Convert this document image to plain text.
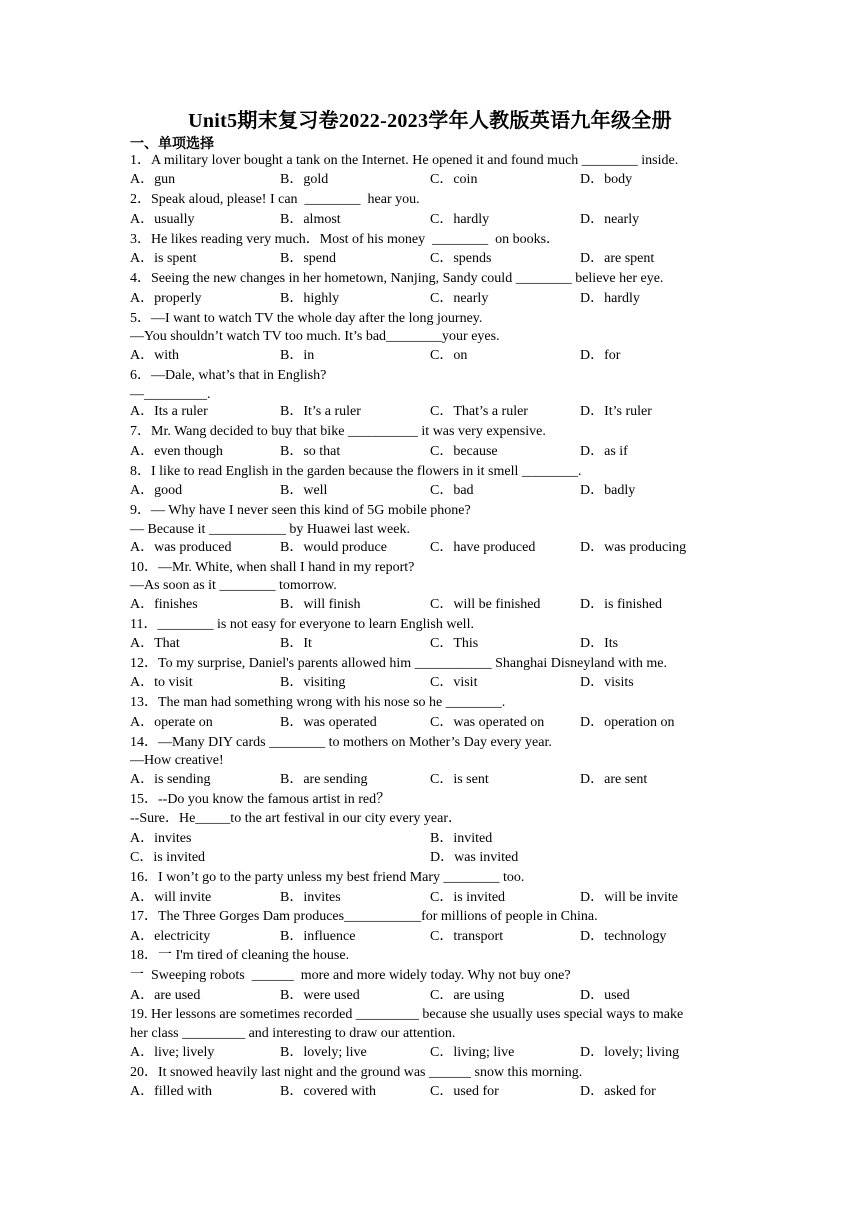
Unit5期末复习卷2022-2023学年人教版英语九年级全册
一、单项选择
1．A military lover bought a tank on the Internet. He opened it and found much ________ inside.
A．gun	B．gold	C．coin	D．body
2．Speak aloud, please! I can  ________  hear you.
A．usually	B．almost	C．hardly	D．nearly
3．He likes reading very much．Most of his money  ________  on books．
A．is spent	B．spend	C．spends	D．are spent
4．Seeing the new changes in her hometown, Nanjing, Sandy could ________ believe her eye.
A．properly	B．highly	C．nearly	D．hardly
5．—I want to watch TV the whole day after the long journey.
—You shouldn’t watch TV too much. It’s bad________your eyes.
A．with	B．in	C．on	D．for
6．—Dale, what’s that in English?
—_________.
A．Its a ruler	B．It’s a ruler	C．That’s a ruler	D．It’s ruler
7．Mr. Wang decided to buy that bike __________ it was very expensive.
A．even though	B．so that	C．because	D．as if
8．I like to read English in the garden because the flowers in it smell ________.
A．good	B．well	C．bad	D．badly
9．— Why have I never seen this kind of 5G mobile phone?
— Because it ___________ by Huawei last week.
A．was produced	B．would produce	C．have produced	D．was producing
10．—Mr. White, when shall I hand in my report?
—As soon as it ________ tomorrow.
A．finishes	B．will finish	C．will be finished	D．is finished
11．________ is not easy for everyone to learn English well.
A．That	B．It	C．This	D．Its
12．To my surprise, Daniel's parents allowed him ___________ Shanghai Disneyland with me.
A．to visit	B．visiting	C．visit	D．visits
13．The man had something wrong with his nose so he ________.
A．operate on	B．was operated	C．was operated on	D．operation on
14．—Many DIY cards ________ to mothers on Mother’s Day every year.
—How creative!
A．is sending	B．are sending	C．is sent	D．are sent
15．--Do you know the famous artist in red？
--Sure．He_____to the art festival in our city every year．
A．invites	B．invited
C．is invited	D．was invited
16．I won’t go to the party unless my best friend Mary ________ too.
A．will invite	B．invites	C．is invited	D．will be invite
17．The Three Gorges Dam produces___________for millions of people in China.
A．electricity	B．influence	C．transport	D．technology
18．一 I'm tired of cleaning the house.
一  Sweeping robots  ______  more and more widely today. Why not buy one?
A．are used	B．were used	C．are using	D．used
19. Her lessons are sometimes recorded _________ because she usually uses special ways to make
her class _________ and interesting to draw our attention.
A．live; lively	B．lovely; live	C．living; live	D．lovely; living
20．It snowed heavily last night and the ground was ______ snow this morning.
A．filled with	B．covered with	C．used for	D．asked for
